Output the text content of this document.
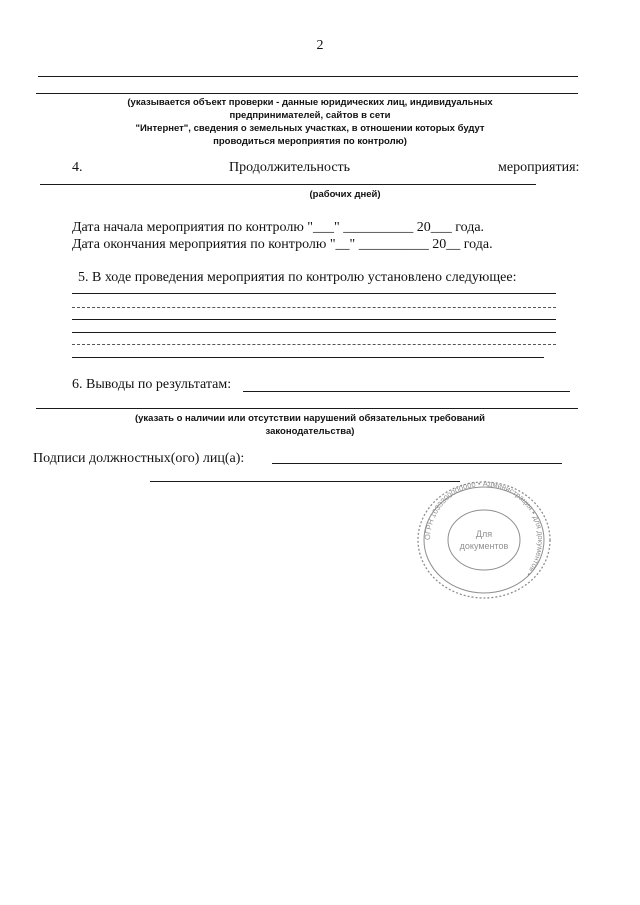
2
(указывается объект проверки - данные юридических лиц, индивидуальных
предпринимателей, сайтов в сети
"Интернет", сведения о земельных участках, в отношении которых будут
проводиться мероприятия по контролю)
4.	Продолжительность	мероприятия:
(рабочих дней)
Дата начала мероприятия по контролю "___" __________ 20___ года.
Дата окончания мероприятия по контролю "__" __________ 20__ года.
5. В ходе проведения мероприятия по контролю установлено следующее:
6. Выводы по результатам:
(указать о наличии или отсутствии нарушений обязательных требований
законодательства)
Подписи должностных(ого) лиц(а):
ОГРН 1033300000000 • Администрация • для документов •
Для
документов
